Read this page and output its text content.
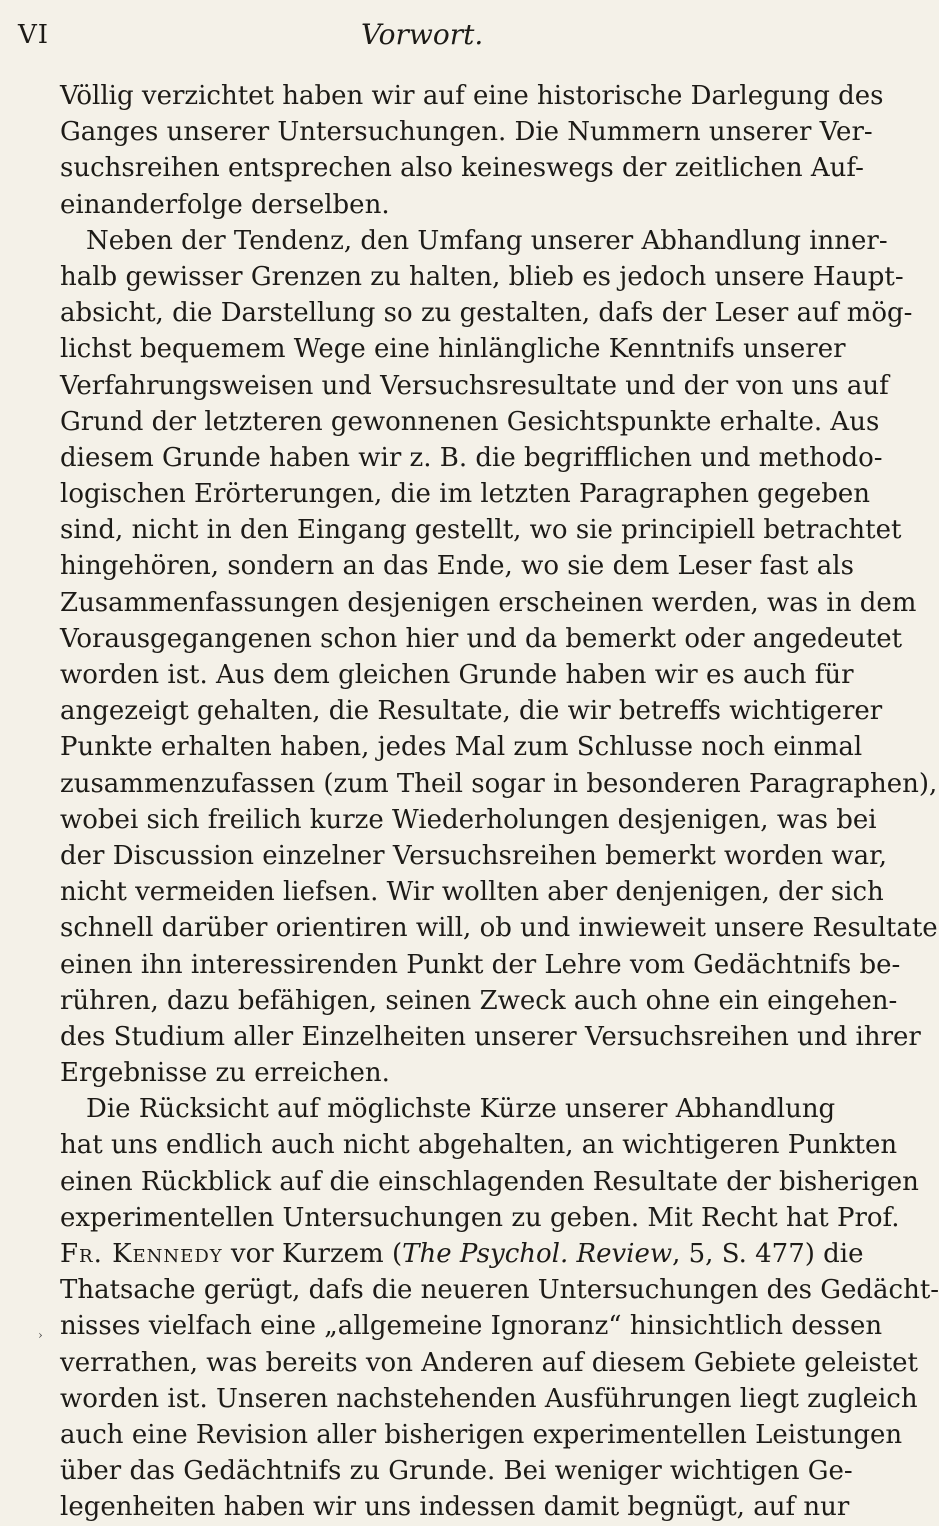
VI	Vorwort.
Völlig verzichtet haben wir auf eine historische Darlegung des
Ganges unserer Untersuchungen. Die Nummern unserer Ver-
suchsreihen entsprechen also keineswegs der zeitlichen Auf-
einanderfolge derselben.
Neben der Tendenz, den Umfang unserer Abhandlung inner-
halb gewisser Grenzen zu halten, blieb es jedoch unsere Haupt-
absicht, die Darstellung so zu gestalten, dafs der Leser auf mög-
lichst bequemem Wege eine hinlängliche Kenntnifs unserer
Verfahrungsweisen und Versuchsresultate und der von uns auf
Grund der letzteren gewonnenen Gesichtspunkte erhalte. Aus
diesem Grunde haben wir z. B. die begrifflichen und methodo-
logischen Erörterungen, die im letzten Paragraphen gegeben
sind, nicht in den Eingang gestellt, wo sie principiell betrachtet
hingehören, sondern an das Ende, wo sie dem Leser fast als
Zusammenfassungen desjenigen erscheinen werden, was in dem
Vorausgegangenen schon hier und da bemerkt oder angedeutet
worden ist. Aus dem gleichen Grunde haben wir es auch für
angezeigt gehalten, die Resultate, die wir betreffs wichtigerer
Punkte erhalten haben, jedes Mal zum Schlusse noch einmal
zusammenzufassen (zum Theil sogar in besonderen Paragraphen),
wobei sich freilich kurze Wiederholungen desjenigen, was bei
der Discussion einzelner Versuchsreihen bemerkt worden war,
nicht vermeiden liefsen. Wir wollten aber denjenigen, der sich
schnell darüber orientiren will, ob und inwieweit unsere Resultate
einen ihn interessirenden Punkt der Lehre vom Gedächtnifs be-
rühren, dazu befähigen, seinen Zweck auch ohne ein eingehen-
des Studium aller Einzelheiten unserer Versuchsreihen und ihrer
Ergebnisse zu erreichen.
Die Rücksicht auf möglichste Kürze unserer Abhandlung
hat uns endlich auch nicht abgehalten, an wichtigeren Punkten
einen Rückblick auf die einschlagenden Resultate der bisherigen
experimentellen Untersuchungen zu geben. Mit Recht hat Prof.
Fr. Kennedy vor Kurzem (The Psychol. Review, 5, S. 477) die
Thatsache gerügt, dafs die neueren Untersuchungen des Gedächt-
nisses vielfach eine „allgemeine Ignoranz“ hinsichtlich dessen
verrathen, was bereits von Anderen auf diesem Gebiete geleistet
worden ist. Unseren nachstehenden Ausführungen liegt zugleich
auch eine Revision aller bisherigen experimentellen Leistungen
über das Gedächtnifs zu Grunde. Bei weniger wichtigen Ge-
legenheiten haben wir uns indessen damit begnügt, auf nur
›
